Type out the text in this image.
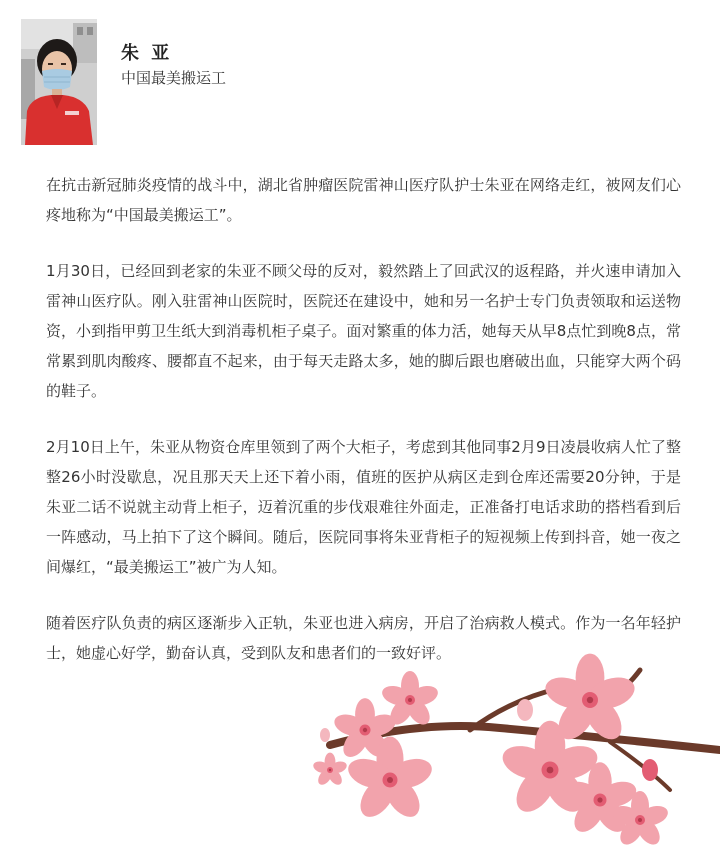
朱 亚
中国最美搬运工

在抗击新冠肺炎疫情的战斗中，湖北省肿瘤医院雷神山医疗队护士朱亚在网络走红，被网友们心疼地称为“中国最美搬运工”。

1月30日，已经回到老家的朱亚不顾父母的反对，毅然踏上了回武汉的返程路，并火速申请加入雷神山医疗队。刚入驻雷神山医院时，医院还在建设中，她和另一名护士专门负责领取和运送物资，小到指甲剪卫生纸大到消毒机柜子桌子。面对繁重的体力活，她每天从早8点忙到晚8点，常常累到肌肉酸疼、腰都直不起来，由于每天走路太多，她的脚后跟也磨破出血，只能穿大两个码的鞋子。

2月10日上午，朱亚从物资仓库里领到了两个大柜子，考虑到其他同事2月9日凌晨收病人忙了整整26小时没歇息，况且那天天上还下着小雨，值班的医护从病区走到仓库还需要20分钟，于是朱亚二话不说就主动背上柜子，迈着沉重的步伐艰难往外面走，正准备打电话求助的搭档看到后一阵感动，马上拍下了这个瞬间。随后，医院同事将朱亚背柜子的短视频上传到抖音，她一夜之间爆红，“最美搬运工”被广为人知。

随着医疗队负责的病区逐渐步入正轨，朱亚也进入病房，开启了治病救人模式。作为一名年轻护士，她虚心好学，勤奋认真，受到队友和患者们的一致好评。
